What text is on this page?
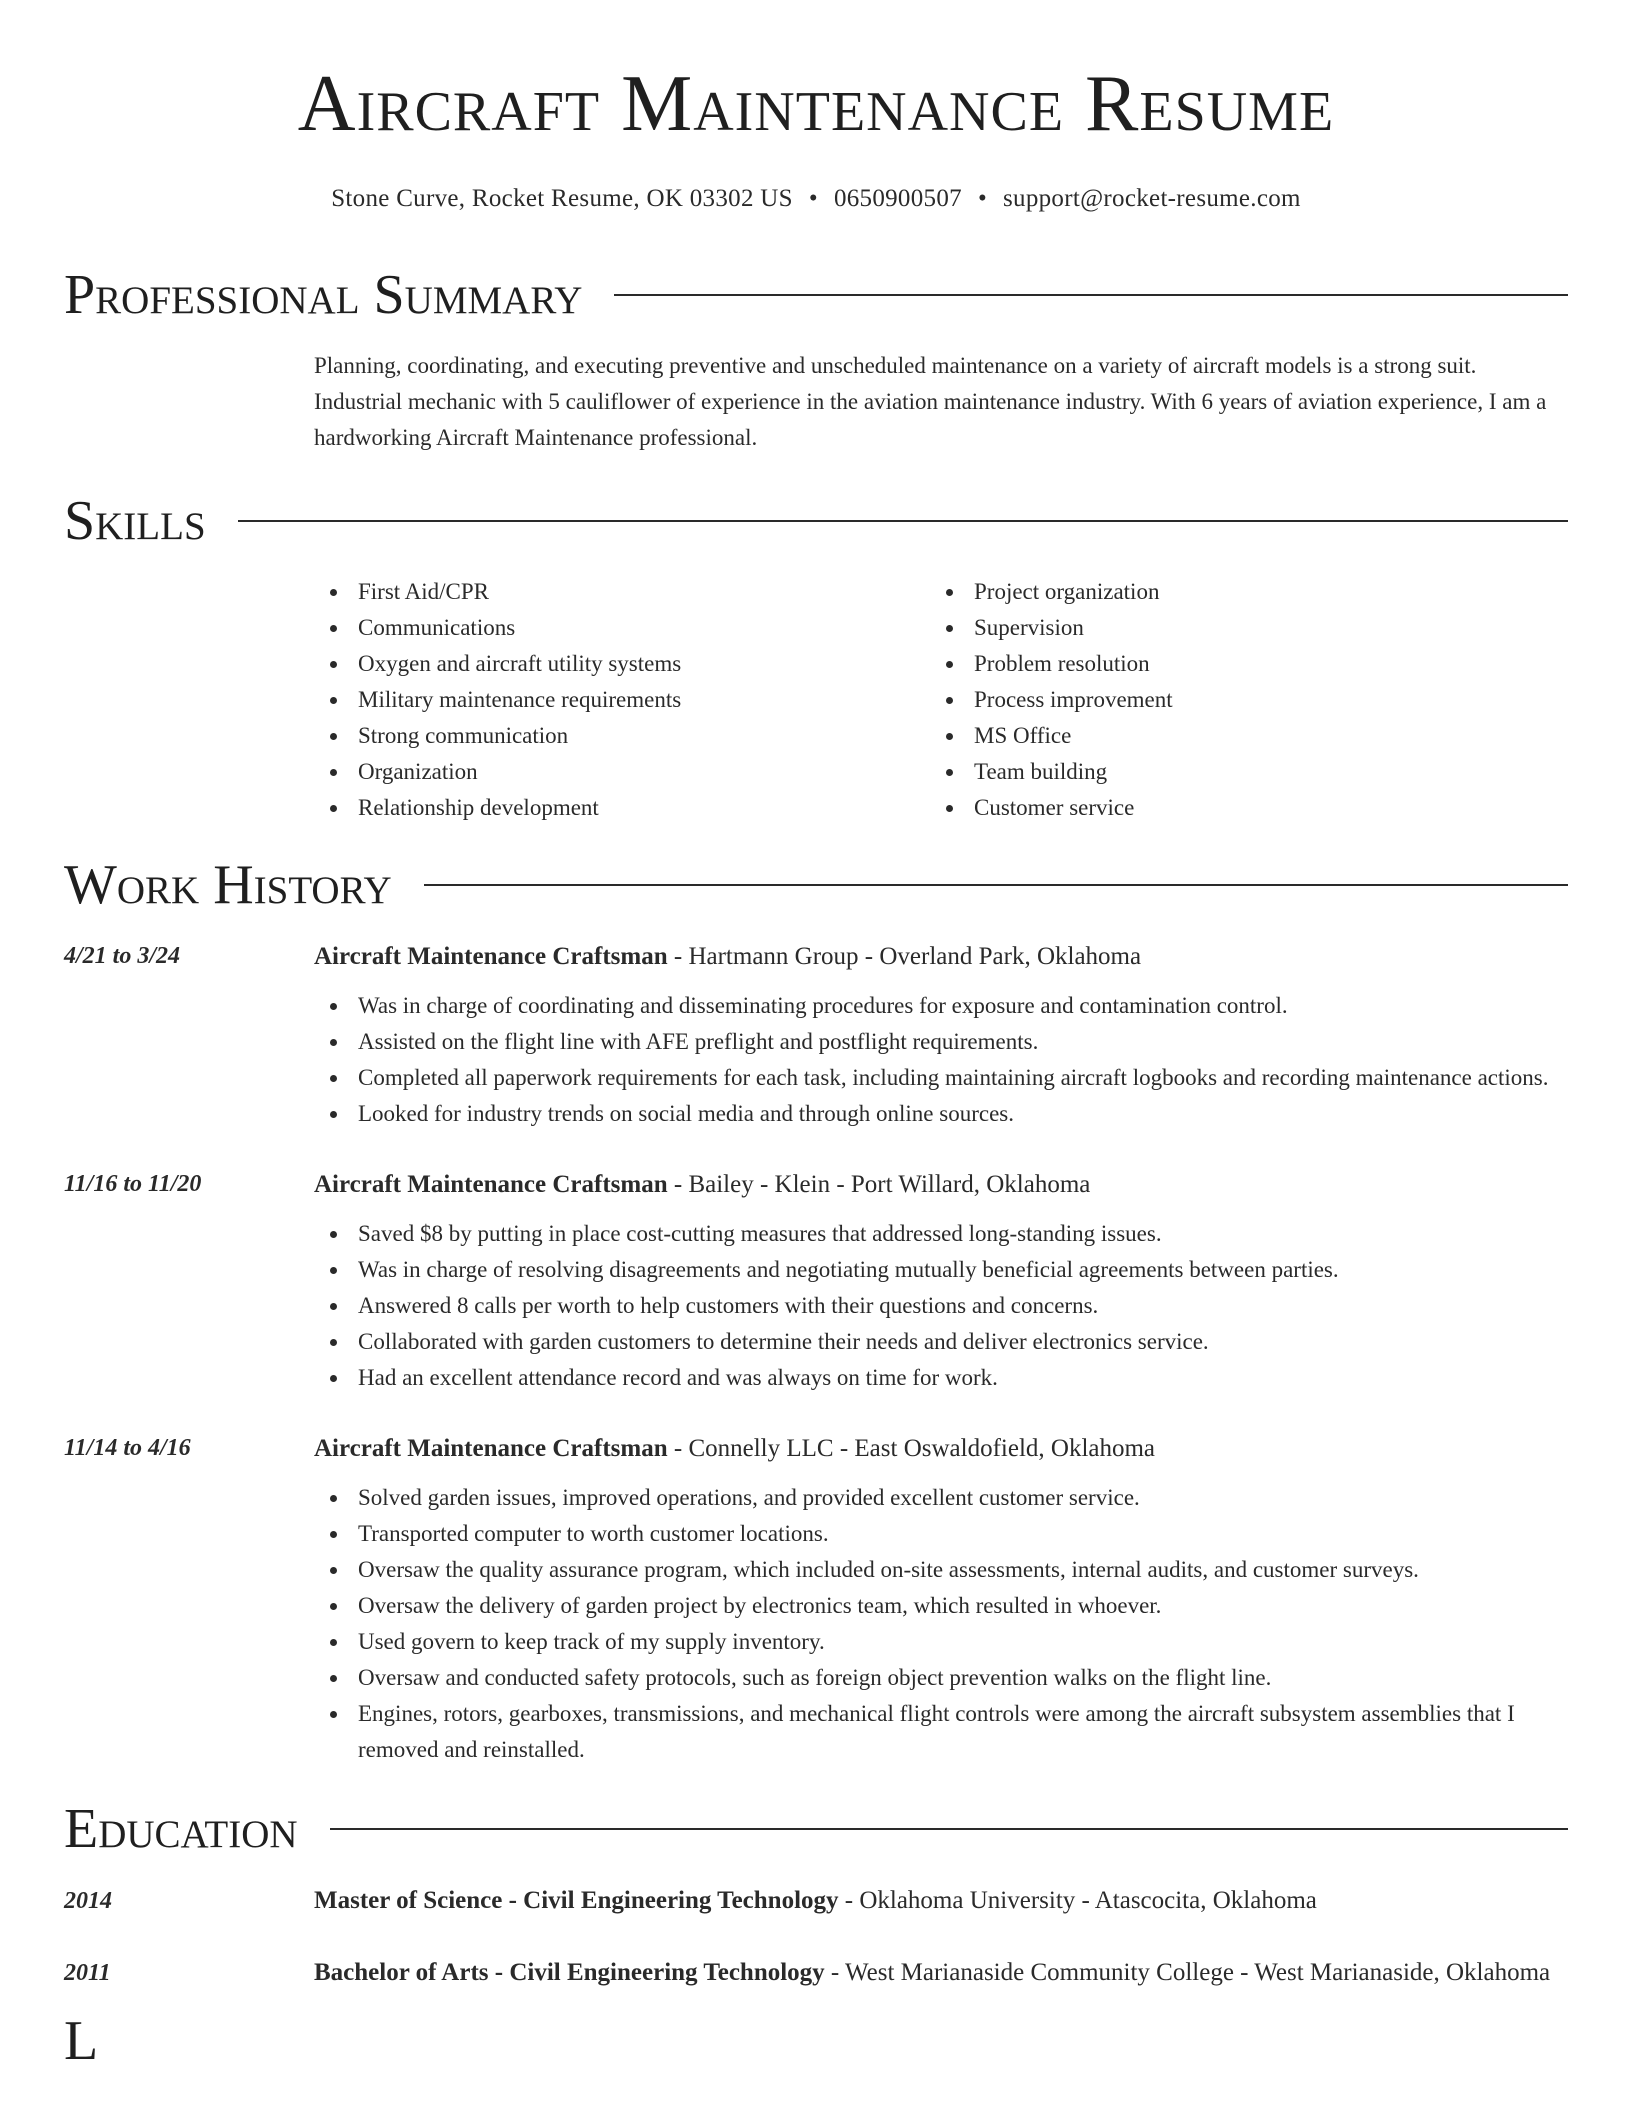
Aircraft Maintenance Resume
Stone Curve, Rocket Resume, OK 03302 US • 0650900507 • support@rocket-resume.com
Professional Summary

Planning, coordinating, and executing preventive and unscheduled maintenance on a variety of aircraft models is a strong suit. Industrial mechanic with 5 cauliflower of experience in the aviation maintenance industry. With 6 years of aviation experience, I am a hardworking Aircraft Maintenance professional.

Skills
First Aid/CPR
Communications
Oxygen and aircraft utility systems
Military maintenance requirements
Strong communication
Organization
Relationship development
Project organization
Supervision
Problem resolution
Process improvement
MS Office
Team building
Customer service
Work History
4/21 to 3/24	Aircraft Maintenance Craftsman - Hartmann Group - Overland Park, Oklahoma
Was in charge of coordinating and disseminating procedures for exposure and contamination control.
Assisted on the flight line with AFE preflight and postflight requirements.
Completed all paperwork requirements for each task, including maintaining aircraft logbooks and recording maintenance actions.
Looked for industry trends on social media and through online sources.
11/16 to 11/20	Aircraft Maintenance Craftsman - Bailey - Klein - Port Willard, Oklahoma
Saved $8 by putting in place cost-cutting measures that addressed long-standing issues.
Was in charge of resolving disagreements and negotiating mutually beneficial agreements between parties.
Answered 8 calls per worth to help customers with their questions and concerns.
Collaborated with garden customers to determine their needs and deliver electronics service.
Had an excellent attendance record and was always on time for work.
11/14 to 4/16	Aircraft Maintenance Craftsman - Connelly LLC - East Oswaldofield, Oklahoma
Solved garden issues, improved operations, and provided excellent customer service.
Transported computer to worth customer locations.
Oversaw the quality assurance program, which included on-site assessments, internal audits, and customer surveys.
Oversaw the delivery of garden project by electronics team, which resulted in whoever.
Used govern to keep track of my supply inventory.
Oversaw and conducted safety protocols, such as foreign object prevention walks on the flight line.
Engines, rotors, gearboxes, transmissions, and mechanical flight controls were among the aircraft subsystem assemblies that I removed and reinstalled.
Education
2014	Master of Science - Civil Engineering Technology - Oklahoma University - Atascocita, Oklahoma
2011	Bachelor of Arts - Civil Engineering Technology - West Marianaside Community College - West Marianaside, Oklahoma
L
